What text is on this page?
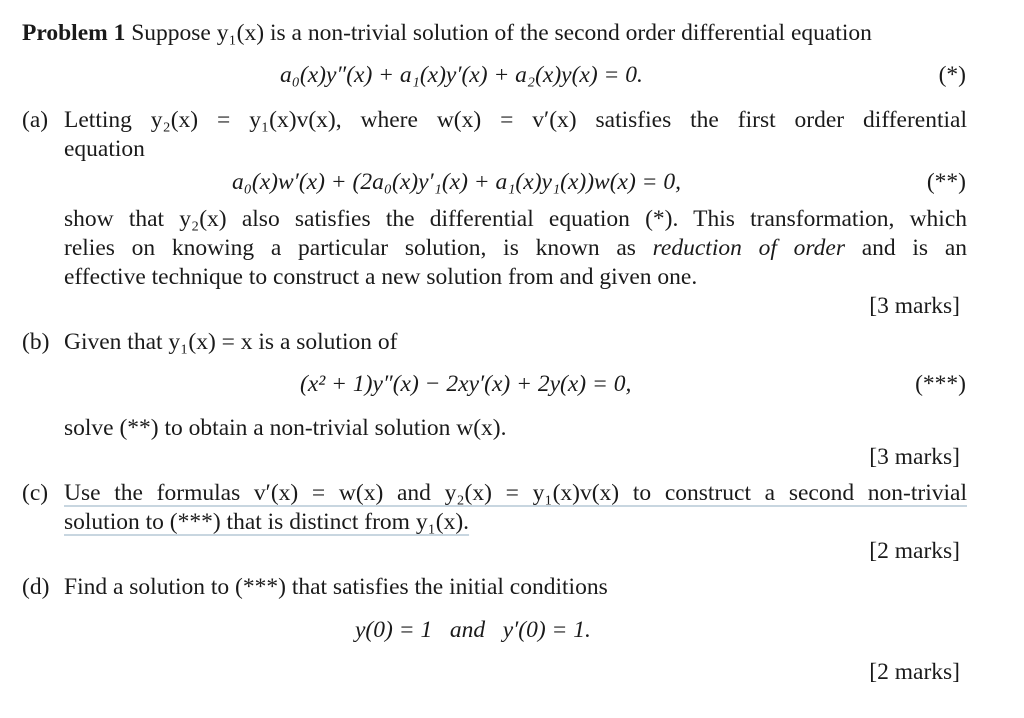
Problem 1 Suppose y₁(x) is a non-trivial solution of the second order differential equation
a₀(x)y″(x) + a₁(x)y′(x) + a₂(x)y(x) = 0.	(*)
(a) Letting y₂(x) = y₁(x)v(x), where w(x) = v′(x) satisfies the first order differential
equation
a₀(x)w′(x) + (2a₀(x)y′₁(x) + a₁(x)y₁(x))w(x) = 0,	(**)
show that y₂(x) also satisfies the differential equation (*). This transformation, which
relies on knowing a particular solution, is known as reduction of order and is an
effective technique to construct a new solution from and given one.
[3 marks]
(b) Given that y₁(x) = x is a solution of
(x² + 1)y″(x) − 2xy′(x) + 2y(x) = 0,	(***)
solve (**) to obtain a non-trivial solution w(x).
[3 marks]
(c) Use the formulas v′(x) = w(x) and y₂(x) = y₁(x)v(x) to construct a second non-trivial
solution to (***) that is distinct from y₁(x).
[2 marks]
(d) Find a solution to (***) that satisfies the initial conditions
y(0) = 1   and   y′(0) = 1.
[2 marks]
